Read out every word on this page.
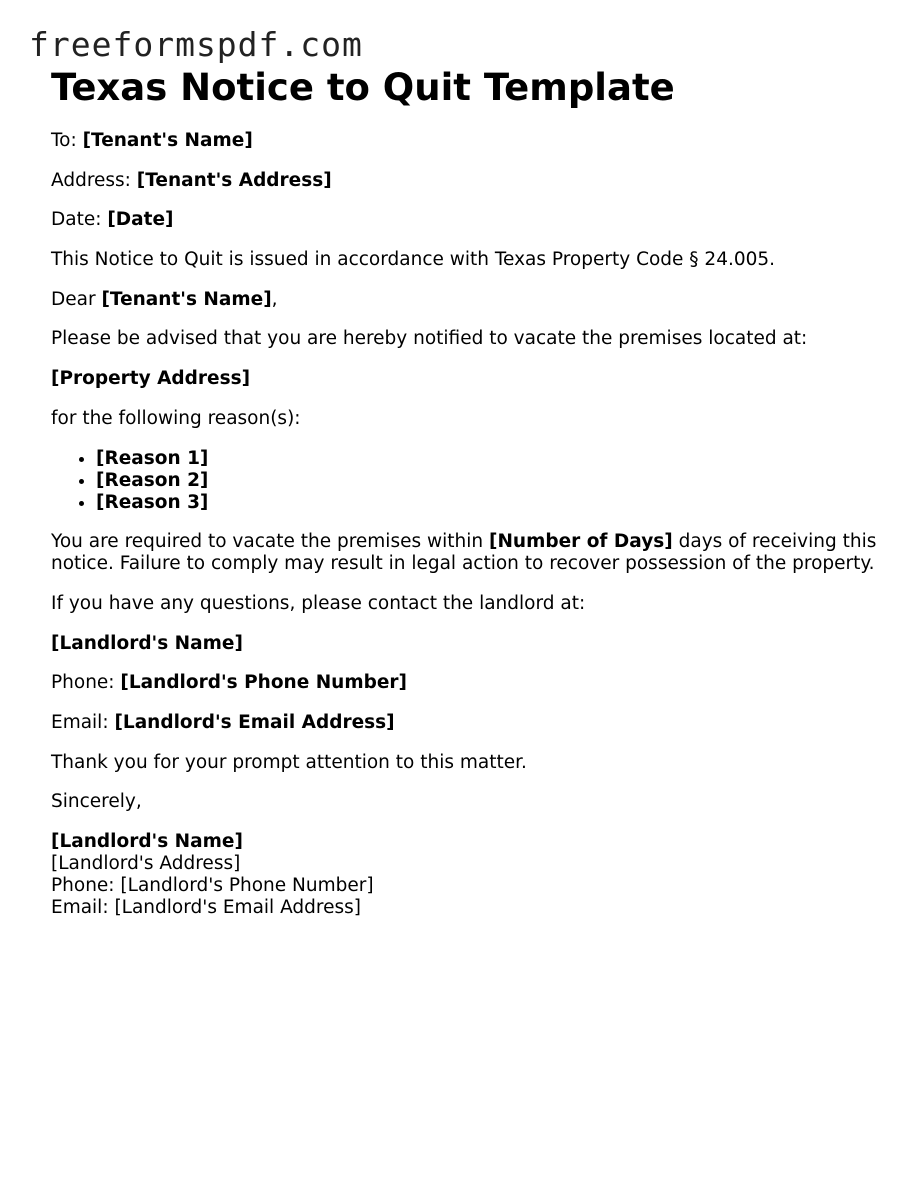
freeformspdf.com
Texas Notice to Quit Template

To: [Tenant's Name]

Address: [Tenant's Address]

Date: [Date]

This Notice to Quit is issued in accordance with Texas Property Code § 24.005.

Dear [Tenant's Name],

Please be advised that you are hereby notified to vacate the premises located at:

[Property Address]

for the following reason(s):

• [Reason 1]
• [Reason 2]
• [Reason 3]

You are required to vacate the premises within [Number of Days] days of receiving this notice. Failure to comply may result in legal action to recover possession of the property.

If you have any questions, please contact the landlord at:

[Landlord's Name]

Phone: [Landlord's Phone Number]

Email: [Landlord's Email Address]

Thank you for your prompt attention to this matter.

Sincerely,

[Landlord's Name]
[Landlord's Address]
Phone: [Landlord's Phone Number]
Email: [Landlord's Email Address]
